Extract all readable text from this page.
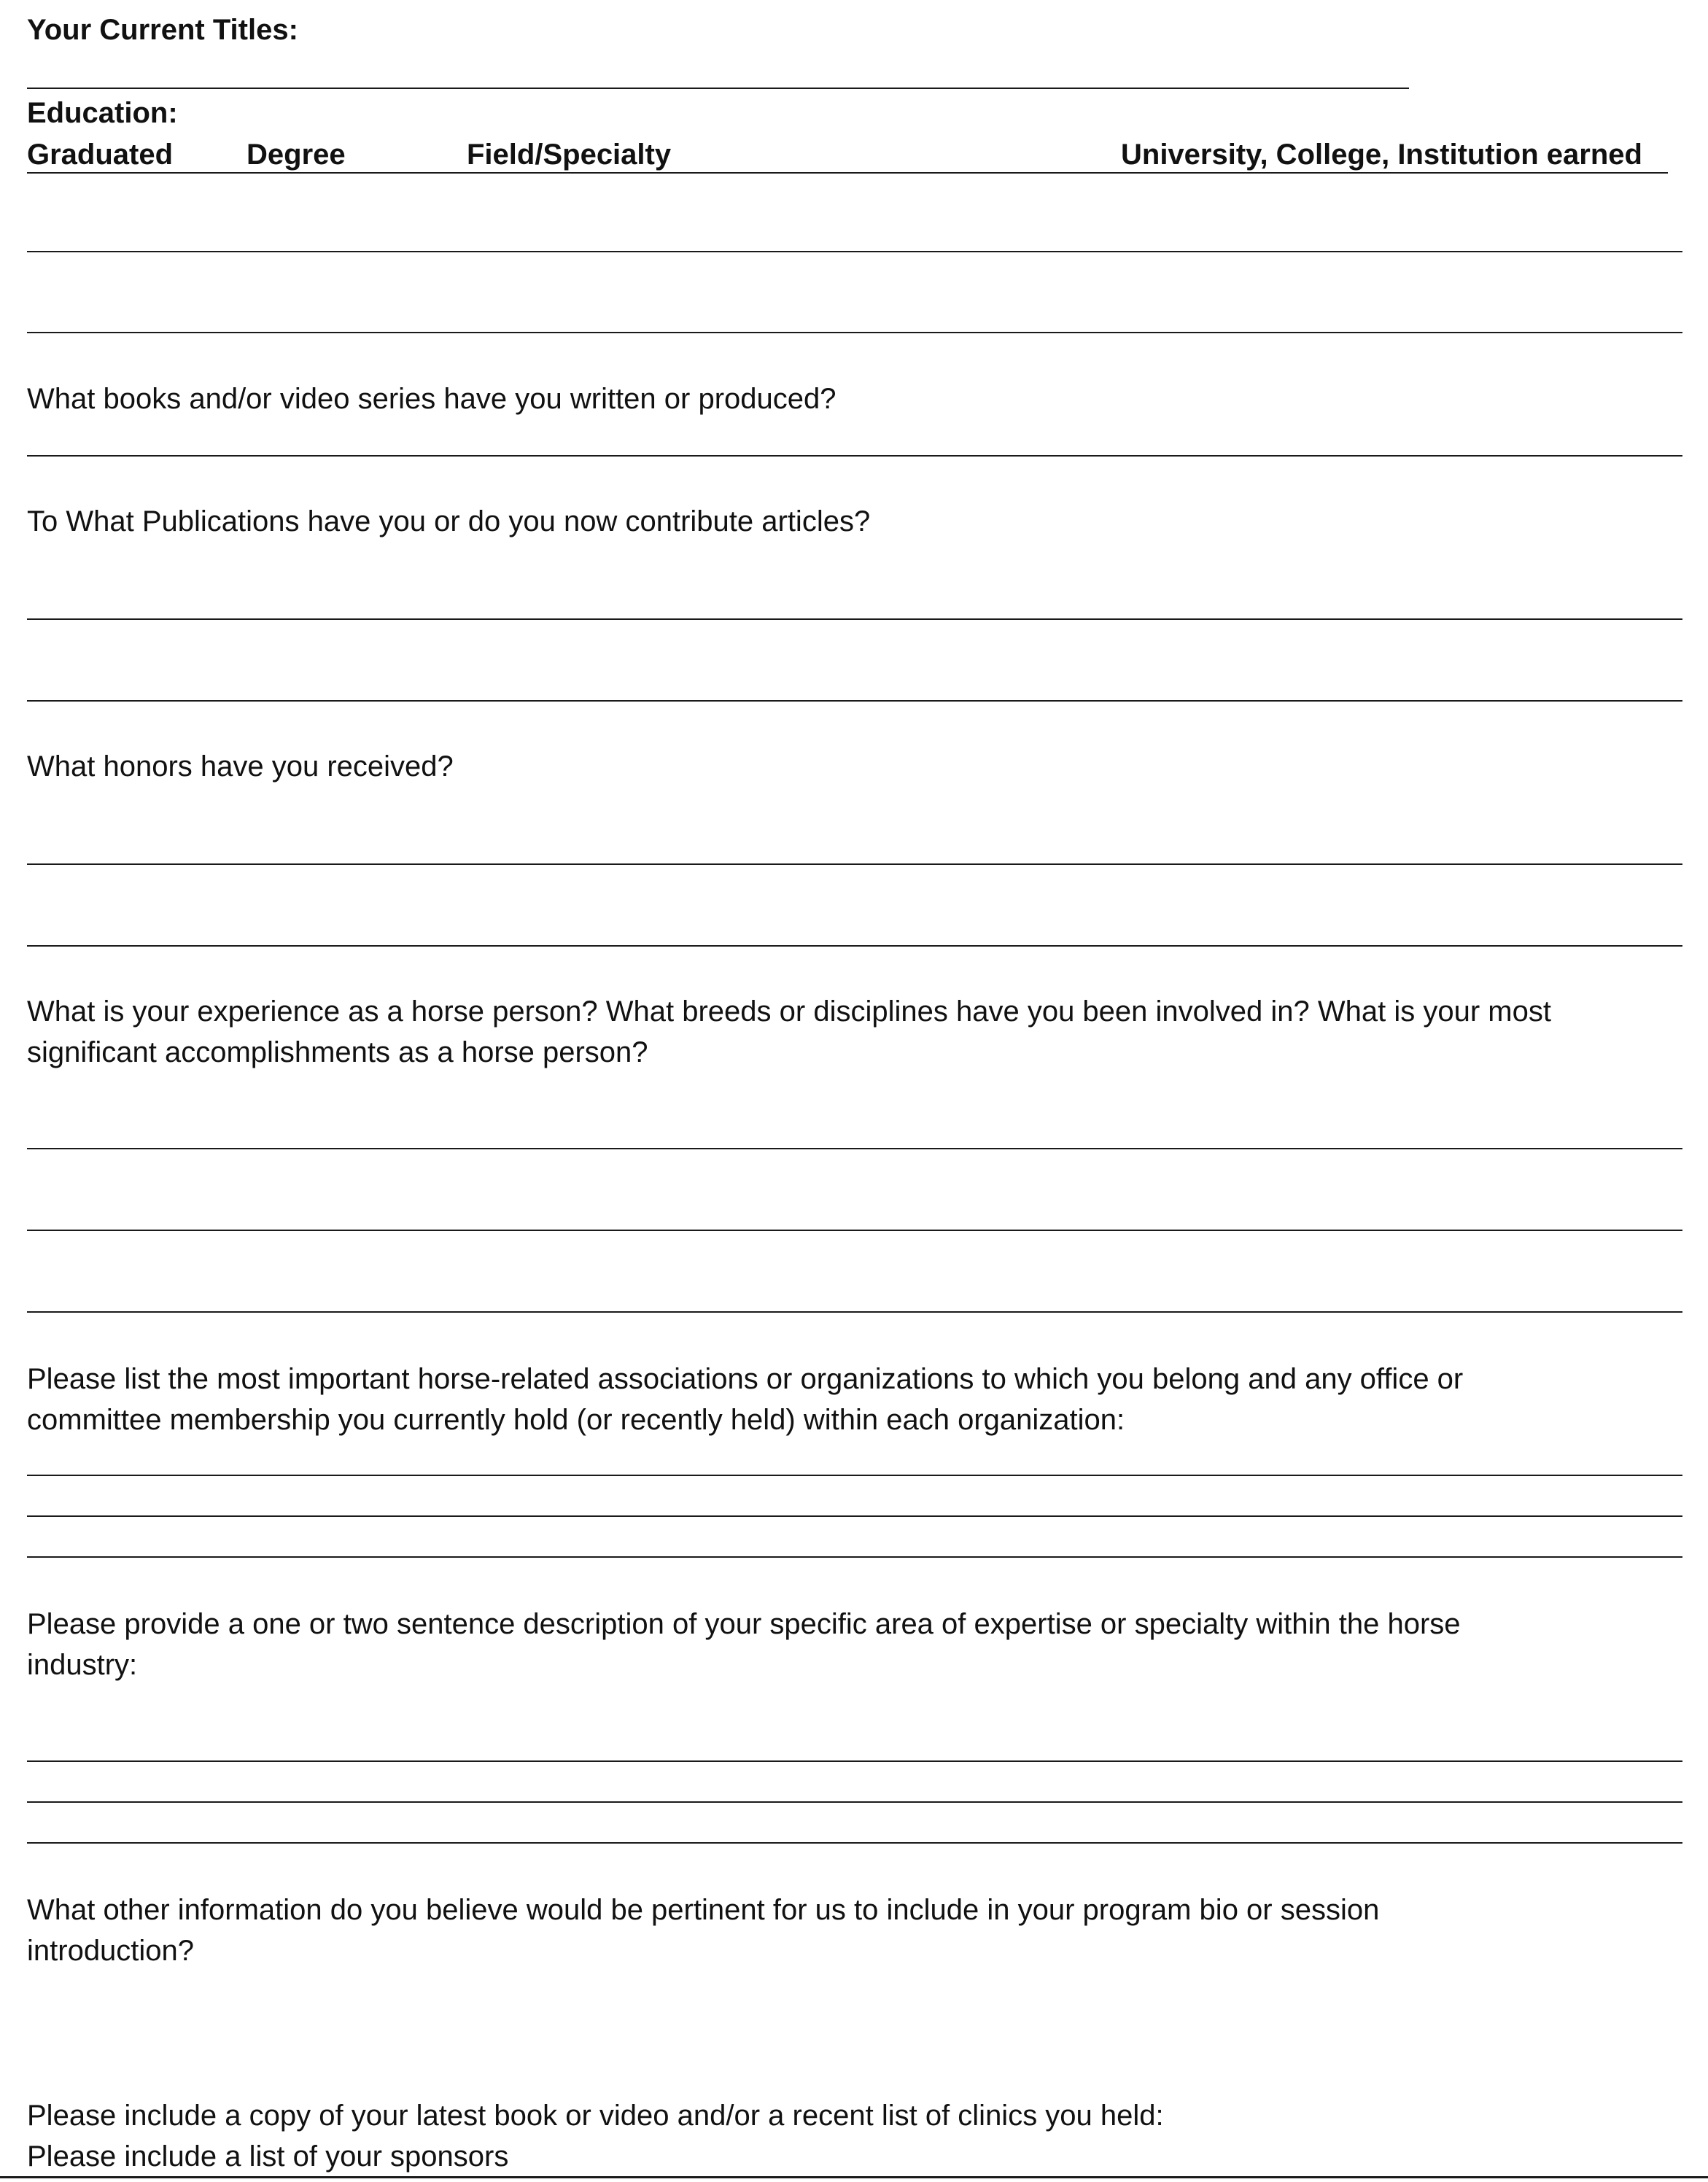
Your Current Titles:

Education:

Graduated	Degree	Field/Specialty	University, College, Institution earned

What books and/or video series have you written or produced?

To What Publications have you or do you now contribute articles?

What honors have you received?

What is your experience as a horse person? What breeds or disciplines have you been involved in? What is your most

significant accomplishments as a horse person?

Please list the most important horse-related associations or organizations to which you belong and any office or

committee membership you currently hold (or recently held) within each organization:

Please provide a one or two sentence description of your specific area of expertise or specialty within the horse

industry:

What other information do you believe would be pertinent for us to include in your program bio or session

introduction?

Please include a copy of your latest book or video and/or a recent list of clinics you held:

Please include a list of your sponsors
